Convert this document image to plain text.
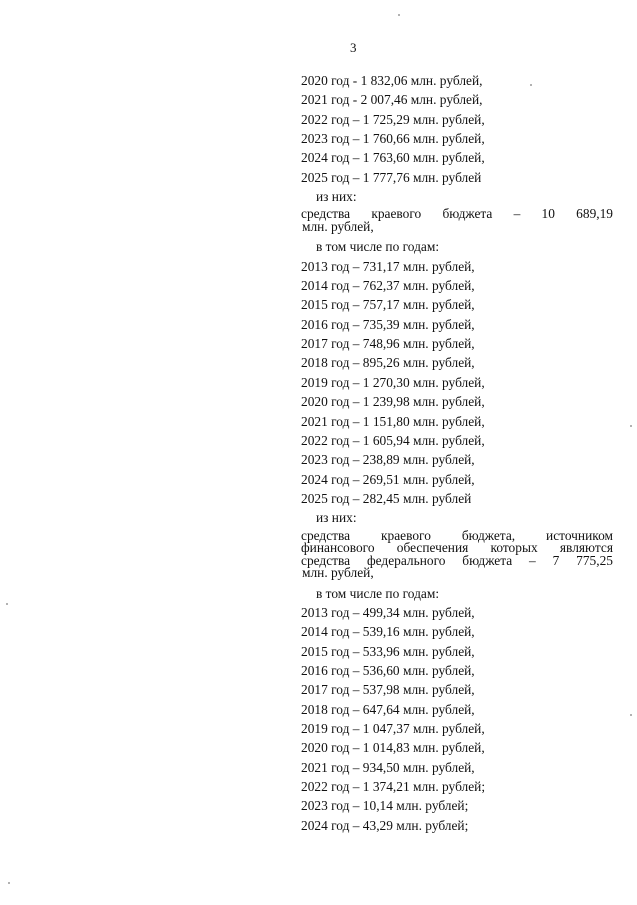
3
2020 год - 1 832,06 млн. рублей,
2021 год - 2 007,46 млн. рублей,
2022 год – 1 725,29 млн. рублей,
2023 год – 1 760,66 млн. рублей,
2024 год – 1 763,60 млн. рублей,
2025 год – 1 777,76 млн. рублей
из них:
средства краевого бюджета – 10 689,19
млн. рублей,
в том числе по годам:
2013 год – 731,17 млн. рублей,
2014 год – 762,37 млн. рублей,
2015 год – 757,17 млн. рублей,
2016 год – 735,39 млн. рублей,
2017 год – 748,96 млн. рублей,
2018 год – 895,26 млн. рублей,
2019 год – 1 270,30 млн. рублей,
2020 год – 1 239,98 млн. рублей,
2021 год – 1 151,80 млн. рублей,
2022 год – 1 605,94 млн. рублей,
2023 год – 238,89 млн. рублей,
2024 год – 269,51 млн. рублей,
2025 год – 282,45 млн. рублей
из них:
средства краевого бюджета, источником
финансового обеспечения которых являются
средства федерального бюджета – 7 775,25
млн. рублей,
в том числе по годам:
2013 год – 499,34 млн. рублей,
2014 год – 539,16 млн. рублей,
2015 год – 533,96 млн. рублей,
2016 год – 536,60 млн. рублей,
2017 год – 537,98 млн. рублей,
2018 год – 647,64 млн. рублей,
2019 год – 1 047,37 млн. рублей,
2020 год – 1 014,83 млн. рублей,
2021 год – 934,50 млн. рублей,
2022 год – 1 374,21 млн. рублей;
2023 год – 10,14 млн. рублей;
2024 год – 43,29 млн. рублей;
